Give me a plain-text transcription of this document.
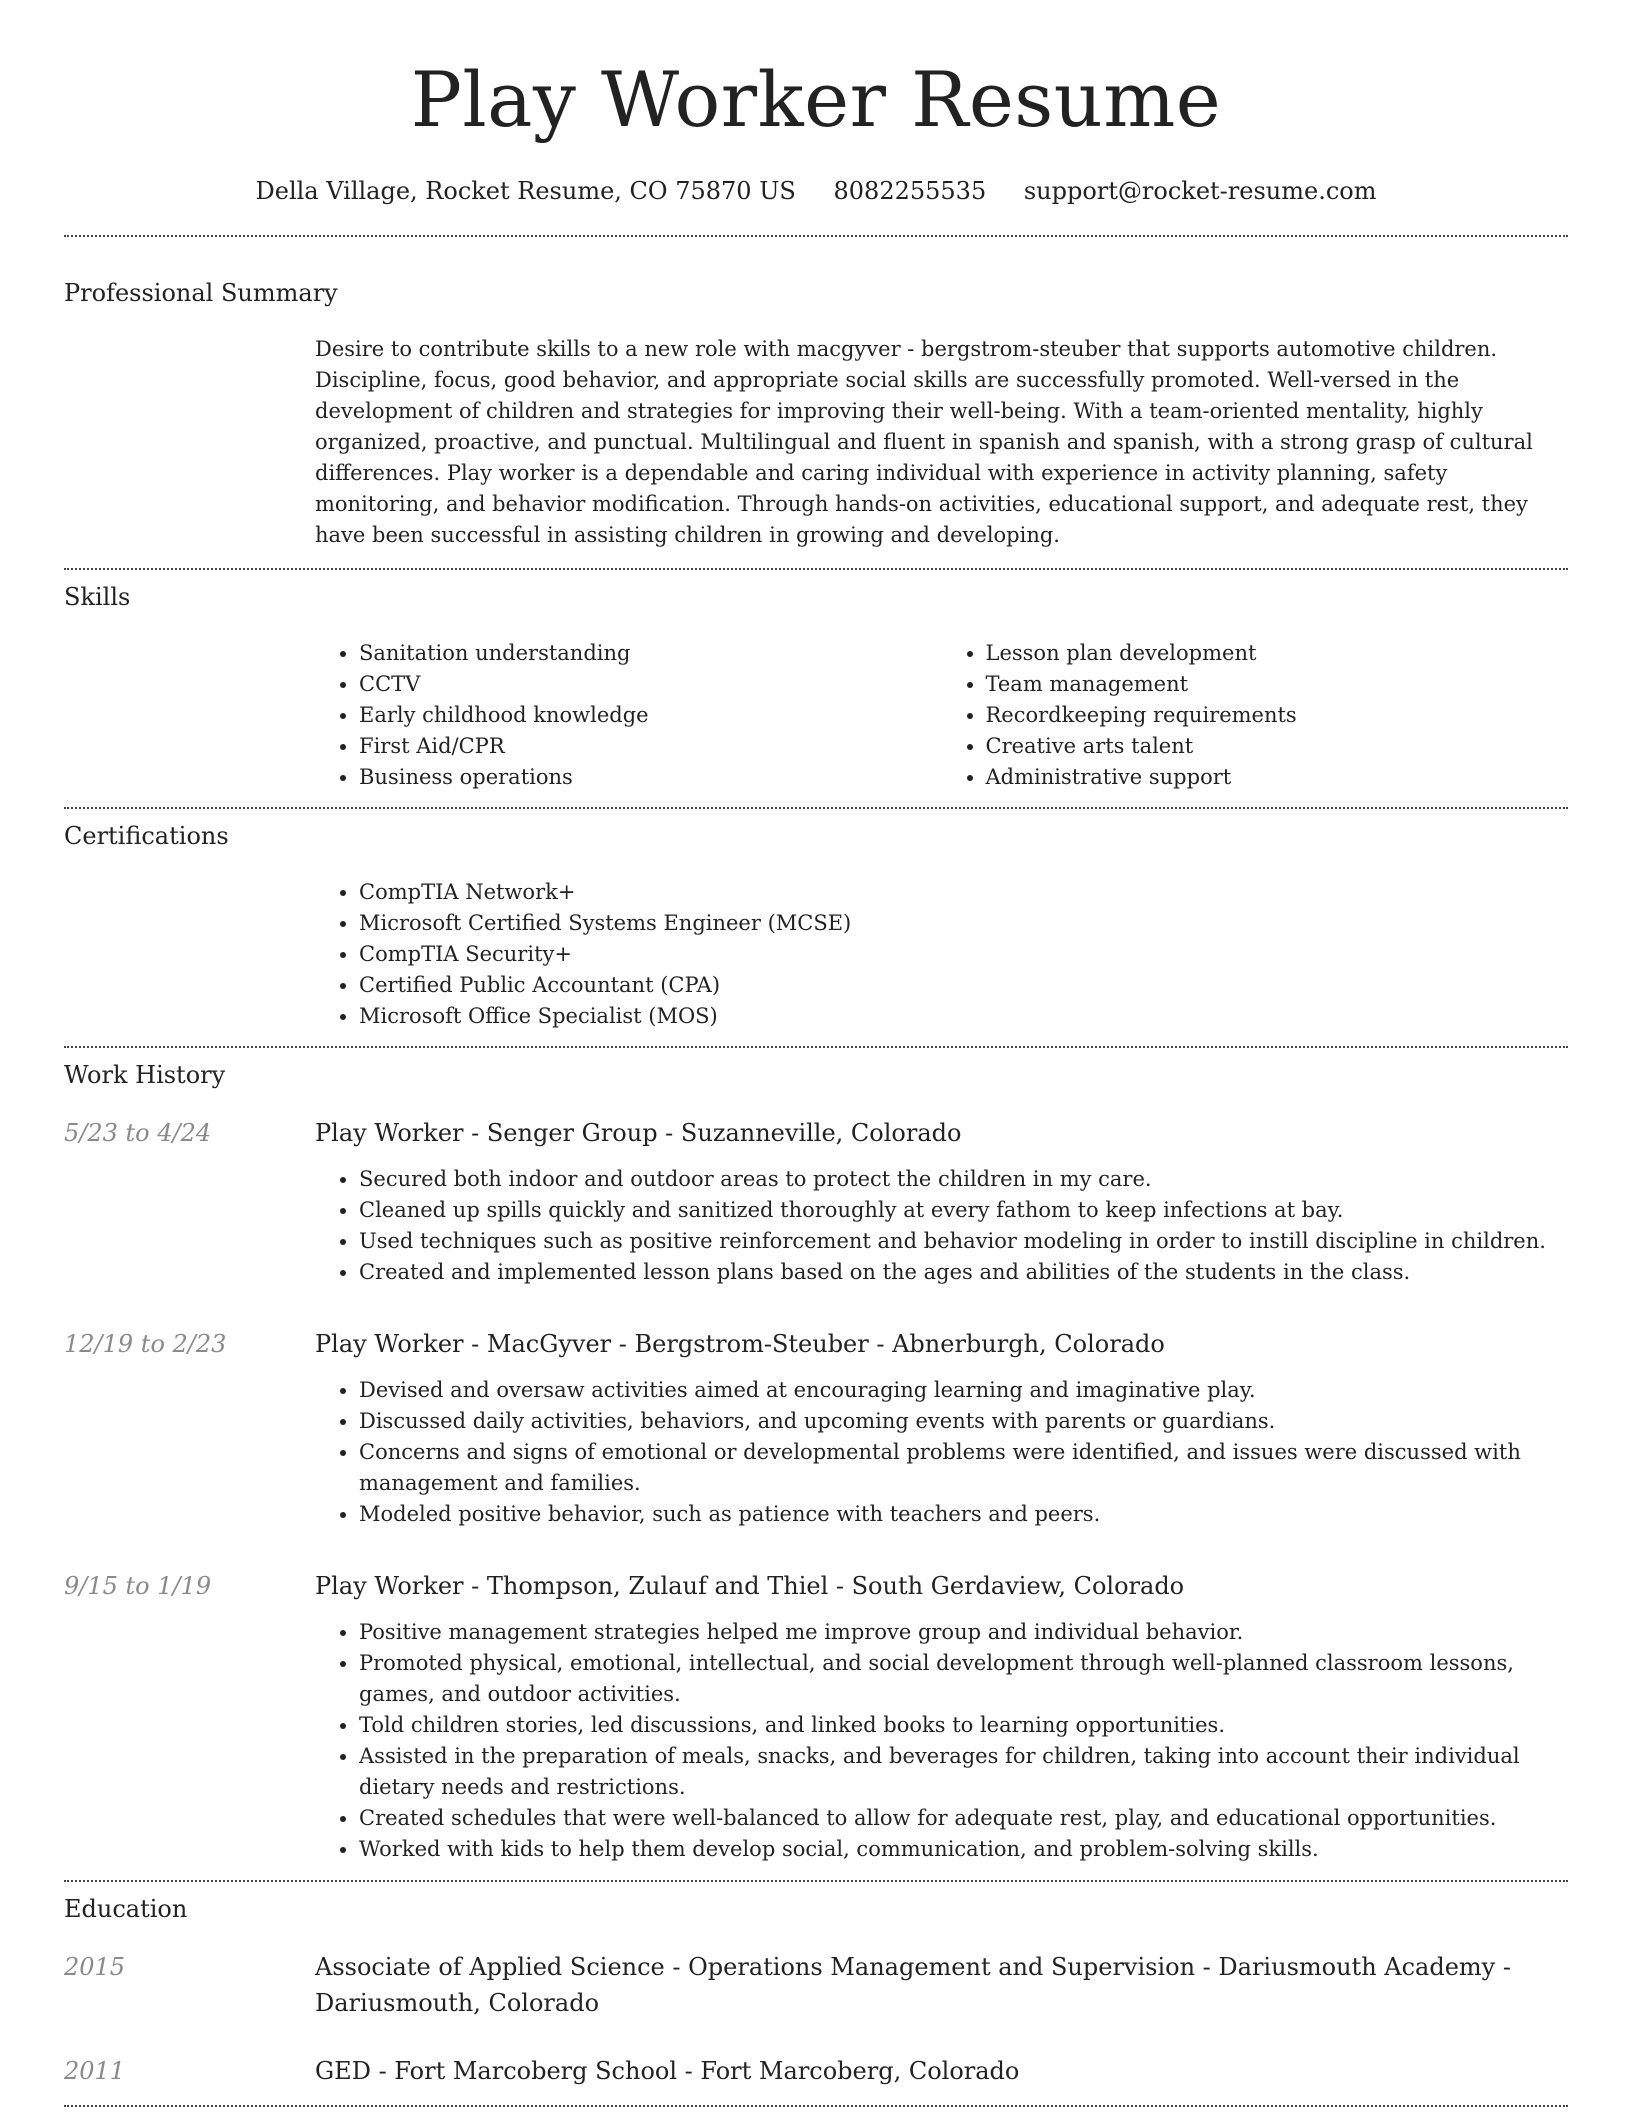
Play Worker Resume
Della Village, Rocket Resume, CO 75870 US 8082255535 support@rocket-resume.com
Professional Summary

Desire to contribute skills to a new role with macgyver - bergstrom-steuber that supports automotive children. Discipline, focus, good behavior, and appropriate social skills are successfully promoted. Well-versed in the development of children and strategies for improving their well-being. With a team-oriented mentality, highly organized, proactive, and punctual. Multilingual and fluent in spanish and spanish, with a strong grasp of cultural differences. Play worker is a dependable and caring individual with experience in activity planning, safety monitoring, and behavior modification. Through hands-on activities, educational support, and adequate rest, they have been successful in assisting children in growing and developing.

Skills
• Sanitation understanding
• CCTV
• Early childhood knowledge
• First Aid/CPR
• Business operations
• Lesson plan development
• Team management
• Recordkeeping requirements
• Creative arts talent
• Administrative support
Certifications
• CompTIA Network+
• Microsoft Certified Systems Engineer (MCSE)
• CompTIA Security+
• Certified Public Accountant (CPA)
• Microsoft Office Specialist (MOS)
Work History
5/23 to 4/24	Play Worker - Senger Group - Suzanneville, Colorado
• Secured both indoor and outdoor areas to protect the children in my care.
• Cleaned up spills quickly and sanitized thoroughly at every fathom to keep infections at bay.
• Used techniques such as positive reinforcement and behavior modeling in order to instill discipline in children.
• Created and implemented lesson plans based on the ages and abilities of the students in the class.
12/19 to 2/23	Play Worker - MacGyver - Bergstrom-Steuber - Abnerburgh, Colorado
• Devised and oversaw activities aimed at encouraging learning and imaginative play.
• Discussed daily activities, behaviors, and upcoming events with parents or guardians.
• Concerns and signs of emotional or developmental problems were identified, and issues were discussed with management and families.
• Modeled positive behavior, such as patience with teachers and peers.
9/15 to 1/19	Play Worker - Thompson, Zulauf and Thiel - South Gerdaview, Colorado
• Positive management strategies helped me improve group and individual behavior.
• Promoted physical, emotional, intellectual, and social development through well-planned classroom lessons, games, and outdoor activities.
• Told children stories, led discussions, and linked books to learning opportunities.
• Assisted in the preparation of meals, snacks, and beverages for children, taking into account their individual dietary needs and restrictions.
• Created schedules that were well-balanced to allow for adequate rest, play, and educational opportunities.
• Worked with kids to help them develop social, communication, and problem-solving skills.
Education
2015	Associate of Applied Science - Operations Management and Supervision - Dariusmouth Academy - Dariusmouth, Colorado
2011	GED - Fort Marcoberg School - Fort Marcoberg, Colorado
